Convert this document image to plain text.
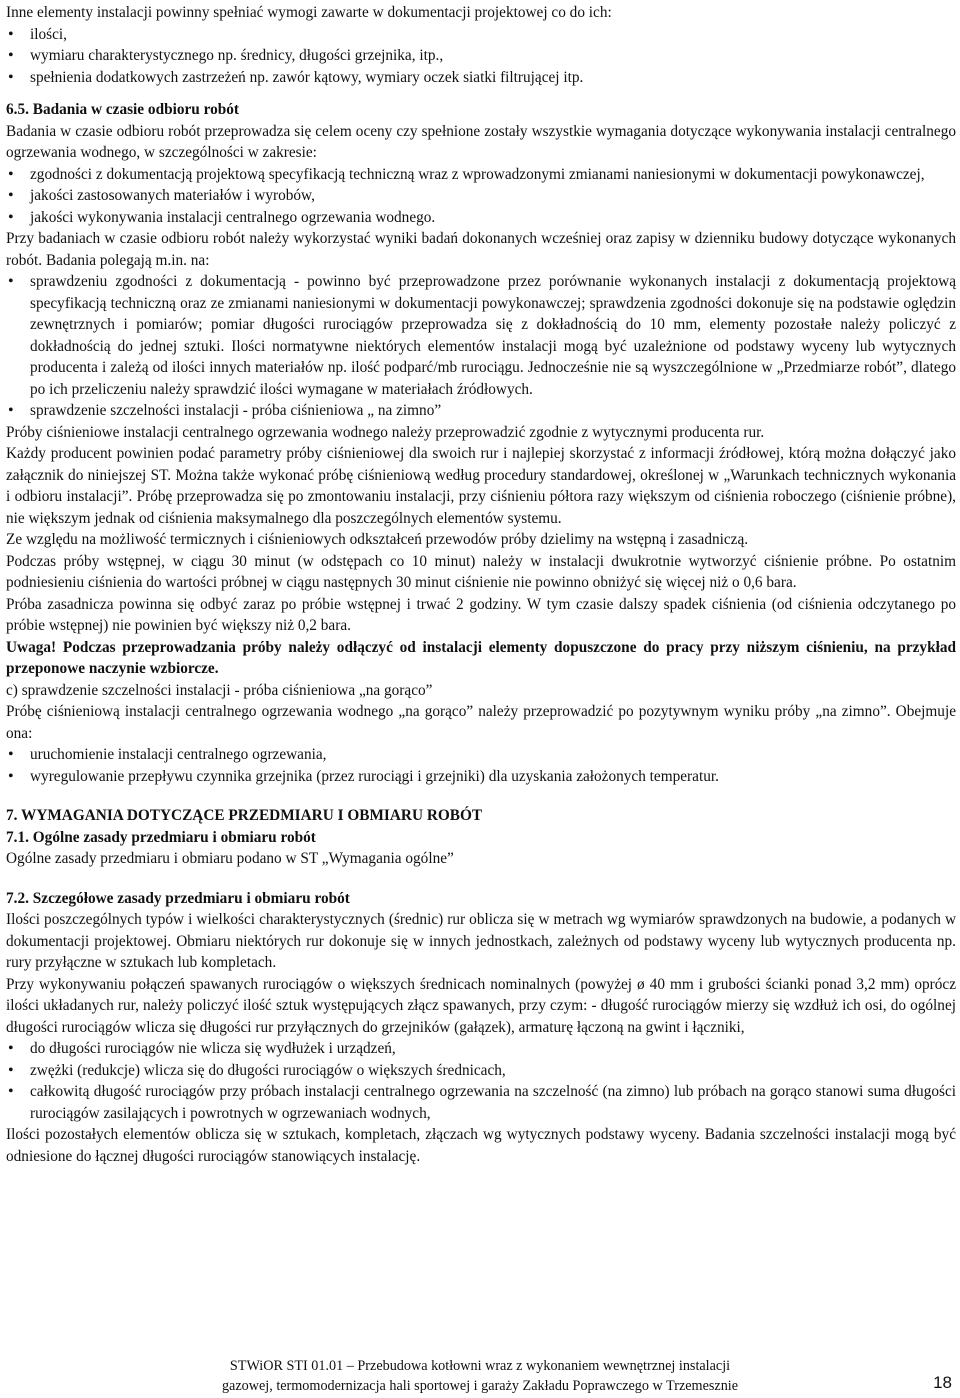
Inne elementy instalacji powinny spełniać wymogi zawarte w dokumentacji projektowej co do ich:

• ilości,
• wymiaru charakterystycznego np. średnicy, długości grzejnika, itp.,
• spełnienia dodatkowych zastrzeżeń np. zawór kątowy, wymiary oczek siatki filtrującej itp.

6.5. Badania w czasie odbioru robót

Badania w czasie odbioru robót przeprowadza się celem oceny czy spełnione zostały wszystkie wymagania dotyczące wykonywania instalacji centralnego ogrzewania wodnego, w szczególności w zakresie:

• zgodności z dokumentacją projektową specyfikacją techniczną wraz z wprowadzonymi zmianami naniesionymi w dokumentacji powykonawczej,
• jakości zastosowanych materiałów i wyrobów,
• jakości wykonywania instalacji centralnego ogrzewania wodnego.

Przy badaniach w czasie odbioru robót należy wykorzystać wyniki badań dokonanych wcześniej oraz zapisy w dzienniku budowy dotyczące wykonanych robót. Badania polegają m.in. na:

• sprawdzeniu zgodności z dokumentacją - powinno być przeprowadzone przez porównanie wykonanych instalacji z dokumentacją projektową specyfikacją techniczną oraz ze zmianami naniesionymi w dokumentacji powykonawczej; sprawdzenia zgodności dokonuje się na podstawie oględzin zewnętrznych i pomiarów; pomiar długości rurociągów przeprowadza się z dokładnością do 10 mm, elementy pozostałe należy policzyć z dokładnością do jednej sztuki. Ilości normatywne niektórych elementów instalacji mogą być uzależnione od podstawy wyceny lub wytycznych producenta i zależą od ilości innych materiałów np. ilość podparć/mb rurociągu. Jednocześnie nie są wyszczególnione w „Przedmiarze robót”, dlatego po ich przeliczeniu należy sprawdzić ilości wymagane w materiałach źródłowych.
• sprawdzenie szczelności instalacji - próba ciśnieniowa „ na zimno”

Próby ciśnieniowe instalacji centralnego ogrzewania wodnego należy przeprowadzić zgodnie z wytycznymi producenta rur.

Każdy producent powinien podać parametry próby ciśnieniowej dla swoich rur i najlepiej skorzystać z informacji źródłowej, którą można dołączyć jako załącznik do niniejszej ST. Można także wykonać próbę ciśnieniową według procedury standardowej, określonej w „Warunkach technicznych wykonania i odbioru instalacji”. Próbę przeprowadza się po zmontowaniu instalacji, przy ciśnieniu półtora razy większym od ciśnienia roboczego (ciśnienie próbne), nie większym jednak od ciśnienia maksymalnego dla poszczególnych elementów systemu.

Ze względu na możliwość termicznych i ciśnieniowych odkształceń przewodów próby dzielimy na wstępną i zasadniczą.

Podczas próby wstępnej, w ciągu 30 minut (w odstępach co 10 minut) należy w instalacji dwukrotnie wytworzyć ciśnienie próbne. Po ostatnim podniesieniu ciśnienia do wartości próbnej w ciągu następnych 30 minut ciśnienie nie powinno obniżyć się więcej niż o 0,6 bara.

Próba zasadnicza powinna się odbyć zaraz po próbie wstępnej i trwać 2 godziny. W tym czasie dalszy spadek ciśnienia (od ciśnienia odczytanego po próbie wstępnej) nie powinien być większy niż 0,2 bara.

Uwaga! Podczas przeprowadzania próby należy odłączyć od instalacji elementy dopuszczone do pracy przy niższym ciśnieniu, na przykład przeponowe naczynie wzbiorcze.

c) sprawdzenie szczelności instalacji - próba ciśnieniowa „na gorąco”

Próbę ciśnieniową instalacji centralnego ogrzewania wodnego „na gorąco” należy przeprowadzić po pozytywnym wyniku próby „na zimno”. Obejmuje ona:

• uruchomienie instalacji centralnego ogrzewania,
• wyregulowanie przepływu czynnika grzejnika (przez rurociągi i grzejniki) dla uzyskania założonych temperatur.

7. WYMAGANIA DOTYCZĄCE PRZEDMIARU I OBMIARU ROBÓT

7.1. Ogólne zasady przedmiaru i obmiaru robót

Ogólne zasady przedmiaru i obmiaru podano w ST „Wymagania ogólne”

7.2. Szczegółowe zasady przedmiaru i obmiaru robót

Ilości poszczególnych typów i wielkości charakterystycznych (średnic) rur oblicza się w metrach wg wymiarów sprawdzonych na budowie, a podanych w dokumentacji projektowej. Obmiaru niektórych rur dokonuje się w innych jednostkach, zależnych od podstawy wyceny lub wytycznych producenta np. rury przyłączne w sztukach lub kompletach.

Przy wykonywaniu połączeń spawanych rurociągów o większych średnicach nominalnych (powyżej ø 40 mm i grubości ścianki ponad 3,2 mm) oprócz ilości układanych rur, należy policzyć ilość sztuk występujących złącz spawanych, przy czym: - długość rurociągów mierzy się wzdłuż ich osi, do ogólnej długości rurociągów wlicza się długości rur przyłącznych do grzejników (gałązek), armaturę łączoną na gwint i łączniki,

• do długości rurociągów nie wlicza się wydłużek i urządzeń,
• zwężki (redukcje) wlicza się do długości rurociągów o większych średnicach,
• całkowitą długość rurociągów przy próbach instalacji centralnego ogrzewania na szczelność (na zimno) lub próbach na gorąco stanowi suma długości rurociągów zasilających i powrotnych w ogrzewaniach wodnych,

Ilości pozostałych elementów oblicza się w sztukach, kompletach, złączach wg wytycznych podstawy wyceny. Badania szczelności instalacji mogą być odniesione do łącznej długości rurociągów stanowiących instalację.

STWiOR STI 01.01 – Przebudowa kotłowni wraz z wykonaniem wewnętrznej instalacji
gazowej, termomodernizacja hali sportowej i garaży Zakładu Poprawczego w Trzemesznie	18
